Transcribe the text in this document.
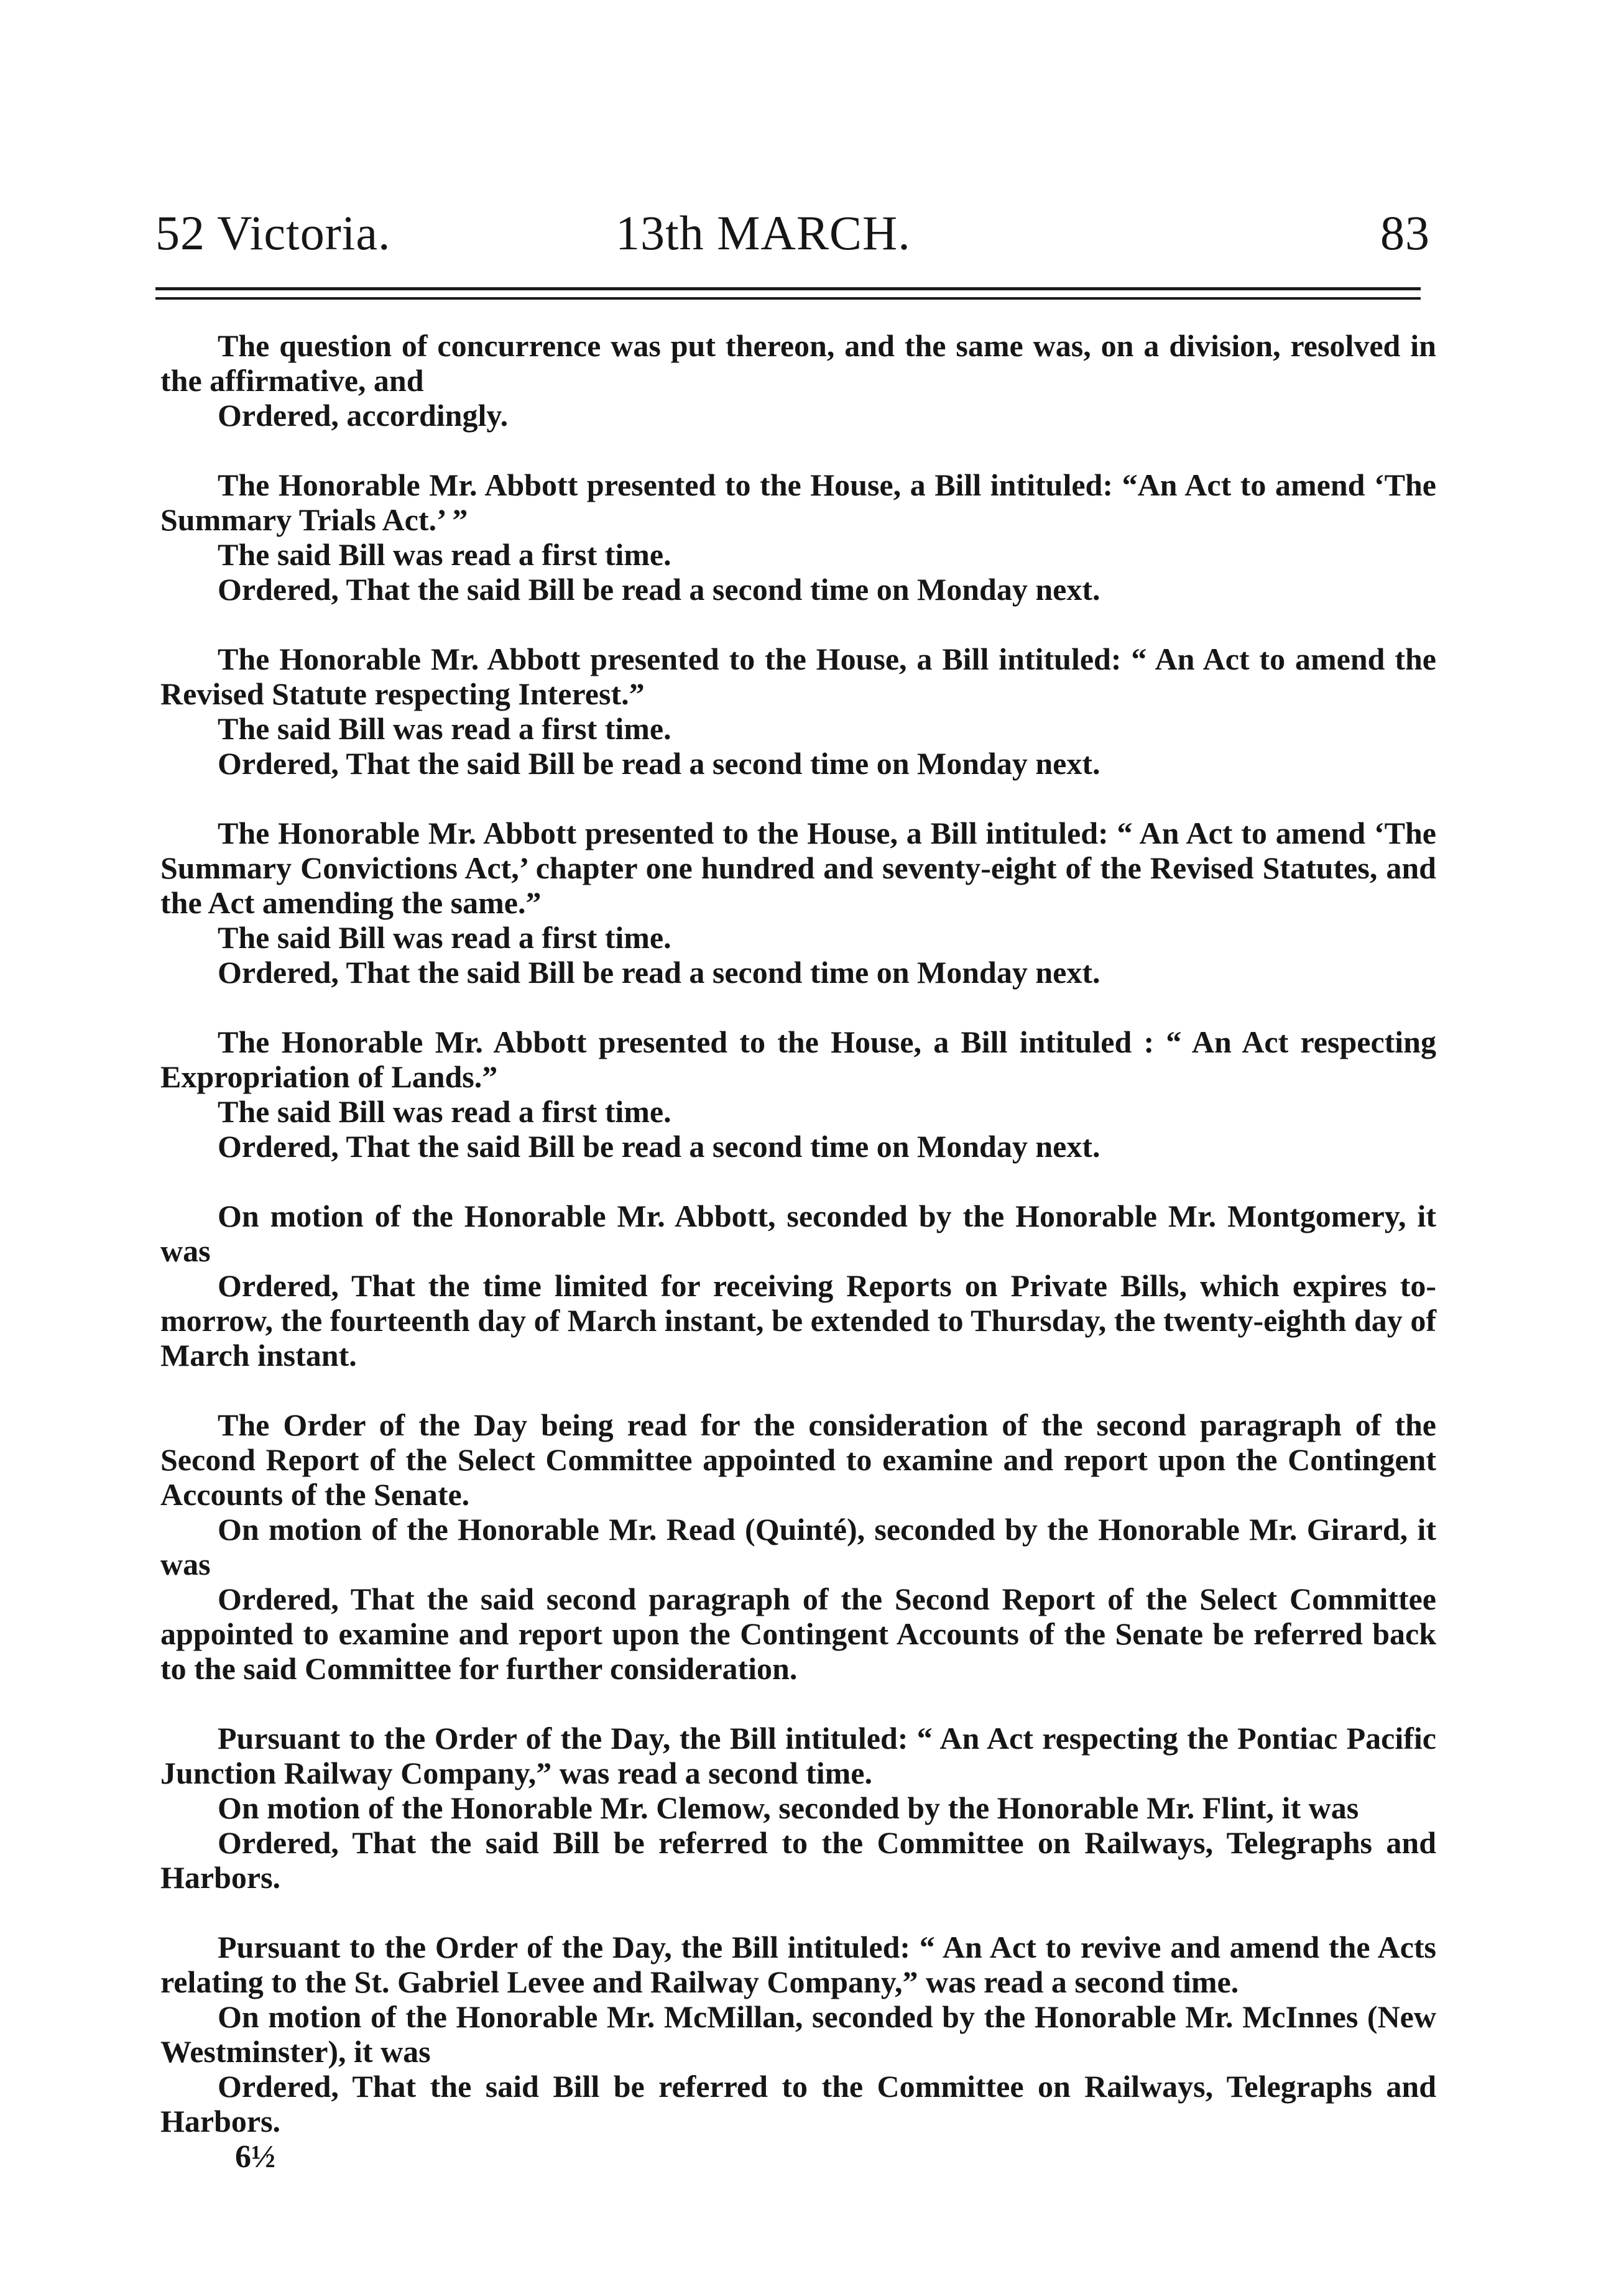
52 Victoria.	13th MARCH.	83

The question of concurrence was put thereon, and the same was, on a division, resolved in the affirmative, and

Ordered, accordingly.

The Honorable Mr. Abbott presented to the House, a Bill intituled: “An Act to amend ‘The Summary Trials Act.’ ”

The said Bill was read a first time.

Ordered, That the said Bill be read a second time on Monday next.

The Honorable Mr. Abbott presented to the House, a Bill intituled: “ An Act to amend the Revised Statute respecting Interest.”

The said Bill was read a first time.

Ordered, That the said Bill be read a second time on Monday next.

The Honorable Mr. Abbott presented to the House, a Bill intituled: “ An Act to amend ‘The Summary Convictions Act,’ chapter one hundred and seventy-eight of the Revised Statutes, and the Act amending the same.”

The said Bill was read a first time.

Ordered, That the said Bill be read a second time on Monday next.

The Honorable Mr. Abbott presented to the House, a Bill intituled : “ An Act respecting Expropriation of Lands.”

The said Bill was read a first time.

Ordered, That the said Bill be read a second time on Monday next.

On motion of the Honorable Mr. Abbott, seconded by the Honorable Mr. Montgomery, it was

Ordered, That the time limited for receiving Reports on Private Bills, which expires to-morrow, the fourteenth day of March instant, be extended to Thursday, the twenty-eighth day of March instant.

The Order of the Day being read for the consideration of the second paragraph of the Second Report of the Select Committee appointed to examine and report upon the Contingent Accounts of the Senate.

On motion of the Honorable Mr. Read (Quinté), seconded by the Honorable Mr. Girard, it was

Ordered, That the said second paragraph of the Second Report of the Select Committee appointed to examine and report upon the Contingent Accounts of the Senate be referred back to the said Committee for further consideration.

Pursuant to the Order of the Day, the Bill intituled: “ An Act respecting the Pontiac Pacific Junction Railway Company,” was read a second time.

On motion of the Honorable Mr. Clemow, seconded by the Honorable Mr. Flint, it was

Ordered, That the said Bill be referred to the Committee on Railways, Telegraphs and Harbors.

Pursuant to the Order of the Day, the Bill intituled: “ An Act to revive and amend the Acts relating to the St. Gabriel Levee and Railway Company,” was read a second time.

On motion of the Honorable Mr. McMillan, seconded by the Honorable Mr. McInnes (New Westminster), it was

Ordered, That the said Bill be referred to the Committee on Railways, Telegraphs and Harbors.

6½
